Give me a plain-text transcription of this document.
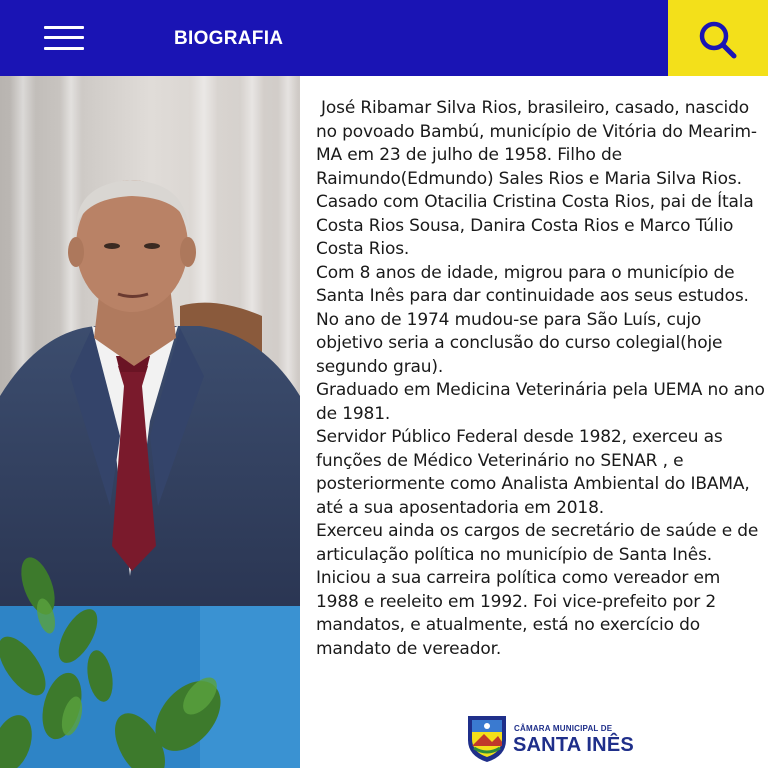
BIOGRAFIA

José Ribamar Silva Rios, brasileiro, casado, nascido no povoado Bambú, município de Vitória do Mearim-MA em 23 de julho de 1958. Filho de Raimundo(Edmundo) Sales Rios e Maria Silva Rios. Casado com Otacilia Cristina Costa Rios, pai de Ítala Costa Rios Sousa, Danira Costa Rios e Marco Túlio Costa Rios.

Com 8 anos de idade, migrou para o município de Santa Inês para dar continuidade aos seus estudos. No ano de 1974 mudou-se para São Luís, cujo objetivo seria a conclusão do curso colegial(hoje segundo grau).

Graduado em Medicina Veterinária pela UEMA no ano de 1981.

Servidor Público Federal desde 1982, exerceu as funções de Médico Veterinário no SENAR , e posteriormente como Analista Ambiental do IBAMA, até a sua aposentadoria em 2018.

Exerceu ainda os cargos de secretário de saúde e de articulação política no município de Santa Inês.

Iniciou a sua carreira política como vereador em 1988 e reeleito em 1992. Foi vice-prefeito por 2 mandatos, e atualmente, está no exercício do mandato de vereador.

CÂMARA MUNICIPAL DE
SANTA INÊS
